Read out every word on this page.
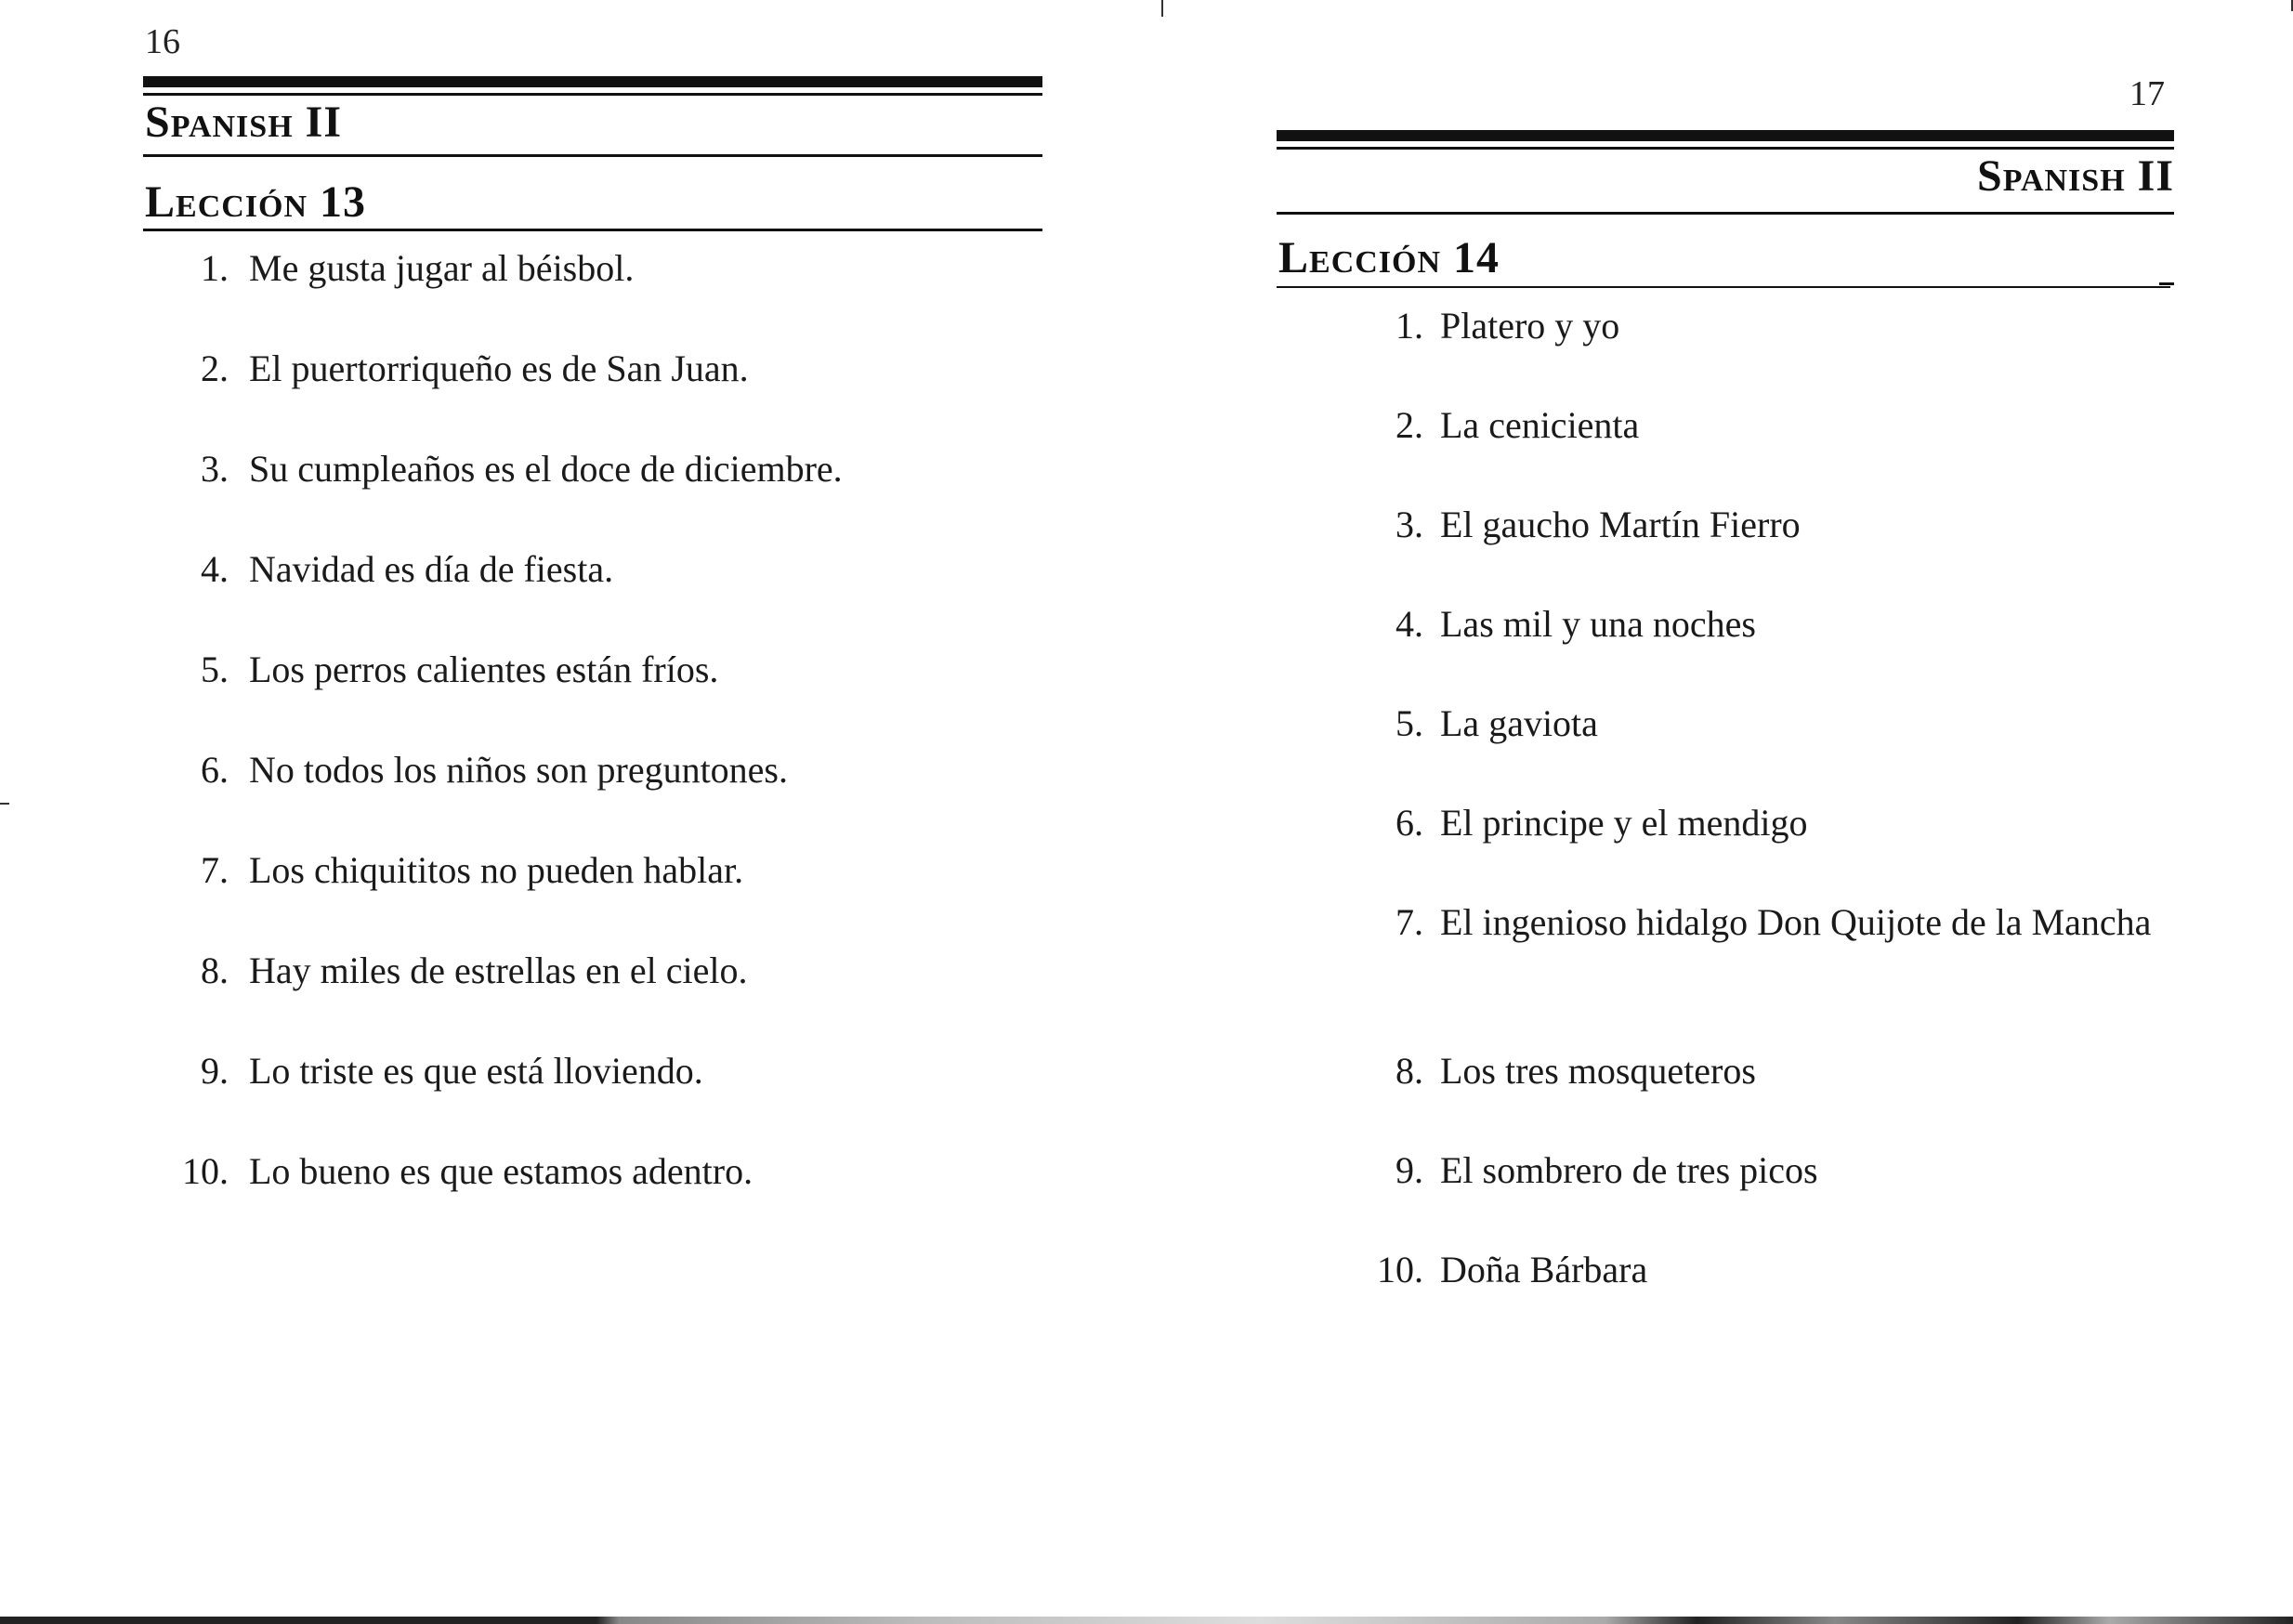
16
Spanish II
Lección 13
1. Me gusta jugar al béisbol.
2. El puertorriqueño es de San Juan.
3. Su cumpleaños es el doce de diciembre.
4. Navidad es día de fiesta.
5. Los perros calientes están fríos.
6. No todos los niños son preguntones.
7. Los chiquititos no pueden hablar.
8. Hay miles de estrellas en el cielo.
9. Lo triste es que está lloviendo.
10. Lo bueno es que estamos adentro.
17
Spanish II
Lección 14
1. Platero y yo
2. La cenicienta
3. El gaucho Martín Fierro
4. Las mil y una noches
5. La gaviota
6. El principe y el mendigo
7. El ingenioso hidalgo Don Quijote de la Mancha
8. Los tres mosqueteros
9. El sombrero de tres picos
10. Doña Bárbara
